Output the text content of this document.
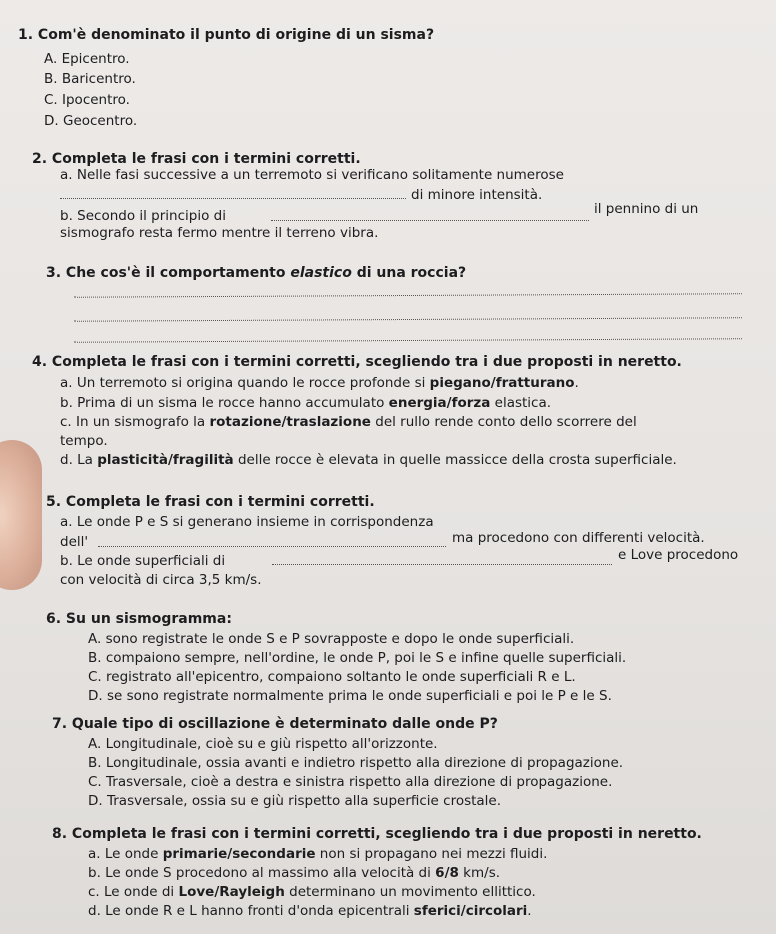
1. Com'è denominato il punto di origine di un sisma?
A. Epicentro.
B. Baricentro.
C. Ipocentro.
D. Geocentro.
2. Completa le frasi con i termini corretti.
a. Nelle fasi successive a un terremoto si verificano solitamente numerose
di minore intensità.
b. Secondo il principio di	il pennino di un
sismografo resta fermo mentre il terreno vibra.
3. Che cos'è il comportamento elastico di una roccia?
4. Completa le frasi con i termini corretti, scegliendo tra i due proposti in neretto.
a. Un terremoto si origina quando le rocce profonde si piegano/fratturano.
b. Prima di un sisma le rocce hanno accumulato energia/forza elastica.
c. In un sismografo la rotazione/traslazione del rullo rende conto dello scorrere del
tempo.
d. La plasticità/fragilità delle rocce è elevata in quelle massicce della crosta superficiale.
5. Completa le frasi con i termini corretti.
a. Le onde P e S si generano insieme in corrispondenza
dell'	ma procedono con differenti velocità.
b. Le onde superficiali di	e Love procedono
con velocità di circa 3,5 km/s.
6. Su un sismogramma:
A. sono registrate le onde S e P sovrapposte e dopo le onde superficiali.
B. compaiono sempre, nell'ordine, le onde P, poi le S e infine quelle superficiali.
C. registrato all'epicentro, compaiono soltanto le onde superficiali R e L.
D. se sono registrate normalmente prima le onde superficiali e poi le P e le S.
7. Quale tipo di oscillazione è determinato dalle onde P?
A. Longitudinale, cioè su e giù rispetto all'orizzonte.
B. Longitudinale, ossia avanti e indietro rispetto alla direzione di propagazione.
C. Trasversale, cioè a destra e sinistra rispetto alla direzione di propagazione.
D. Trasversale, ossia su e giù rispetto alla superficie crostale.
8. Completa le frasi con i termini corretti, scegliendo tra i due proposti in neretto.
a. Le onde primarie/secondarie non si propagano nei mezzi fluidi.
b. Le onde S procedono al massimo alla velocità di 6/8 km/s.
c. Le onde di Love/Rayleigh determinano un movimento ellittico.
d. Le onde R e L hanno fronti d'onda epicentrali sferici/circolari.
